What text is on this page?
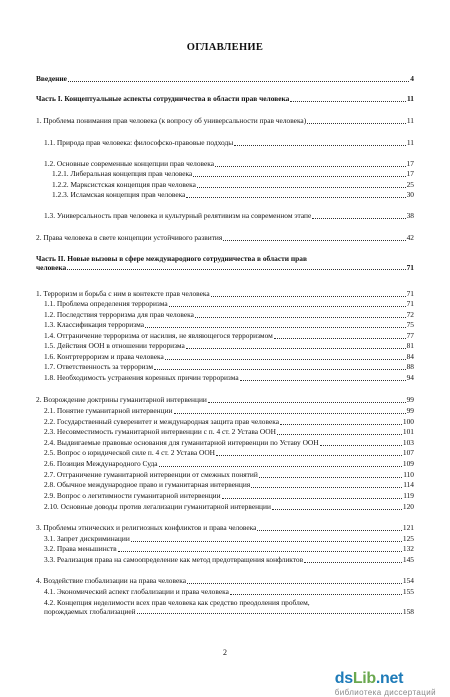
ОГЛАВЛЕНИЕ
Введение	4
Часть I. Концептуальные аспекты сотрудничества в области прав человека	11
1. Проблема понимания прав человека (к вопросу об универсальности прав человека)	11
1.1. Природа прав человека: философско-правовые подходы	11
1.2. Основные современные концепции прав человека	17
1.2.1. Либеральная концепция прав человека	17
1.2.2. Марксистская концепция прав человека	25
1.2.3. Исламская концепция прав человека	30
1.3. Универсальность прав человека и культурный релятивизм на современном этапе	38
2. Права человека в свете концепции устойчивого развития	42
Часть II. Новые вызовы в сфере международного сотрудничества в области прав
человека	71
1. Терроризм и борьба с ним в контексте прав человека	71
1.1. Проблема определения терроризма	71
1.2. Последствия терроризма для прав человека	72
1.3. Классификация терроризма	75
1.4. Отграничение терроризма от насилия, не являющегося терроризмом	77
1.5. Действия ООН в отношении терроризма	81
1.6. Контртерроризм и права человека	84
1.7. Ответственность за терроризм	88
1.8. Необходимость устранения коренных причин терроризма	94
2. Возрождение доктрины гуманитарной интервенции	99
2.1. Понятие гуманитарной интервенции	99
2.2. Государственный суверенитет и международная защита прав человека	100
2.3. Несовместимость гуманитарной интервенции с п. 4 ст. 2 Устава ООН	101
2.4. Выдвигаемые правовые основания для гуманитарной интервенции по Уставу ООН	103
2.5. Вопрос о юридической силе п. 4 ст. 2 Устава ООН	107
2.6. Позиция Международного Суда	109
2.7. Отграничение гуманитарной интервенции от смежных понятий	110
2.8. Обычное международное право и гуманитарная интервенция	114
2.9. Вопрос о легитимности гуманитарной интервенции	119
2.10. Основные доводы против легализации гуманитарной интервенции	120
3. Проблемы этнических и религиозных конфликтов и права человека	121
3.1. Запрет дискриминации	125
3.2. Права меньшинств	132
3.3. Реализация права на самоопределение как метод предотвращения конфликтов	145
4. Воздействие глобализации на права человека	154
4.1. Экономический аспект глобализации и права человека	155
4.2. Концепция неделимости всех прав человека как средство преодоления проблем,
порождаемых глобализацией	158
2
dsLib.net
библиотека диссертаций
